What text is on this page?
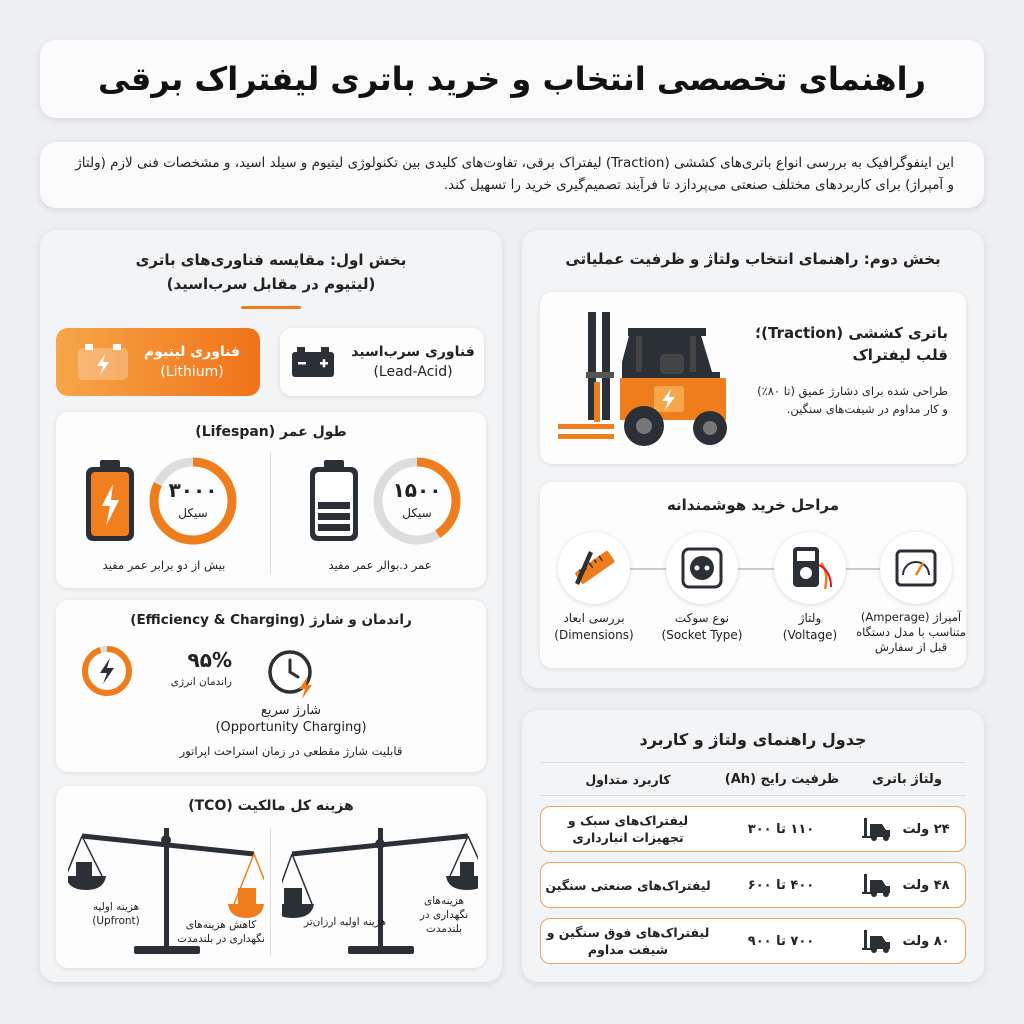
راهنمای تخصصی انتخاب و خرید باتری لیفتراک برقی
این اینفوگرافیک به بررسی انواع باتری‌های کششی (Traction) لیفتراک برقی، تفاوت‌های کلیدی بین تکنولوژی لیتیوم و سیلد اسید، و مشخصات فنی لازم (ولتاژ و آمپراژ) برای کاربردهای مختلف صنعتی می‌پردازد تا فرآیند تصمیم‌گیری خرید را تسهیل کند.
بخش اول: مقایسه فناوری‌های باتری
(لیتیوم در مقابل سرب‌اسید)
فناوری لیتیوم
(Lithium)
فناوری سرب‌اسید
(Lead-Acid)
طول عمر (Lifespan)
۳۰۰۰
سیکل
بیش از دو برابر عمر مفید
۱۵۰۰
سیکل
عمر د.بوالر عمر مفید
راندمان و شارژ (Efficiency & Charging)
۹۵%
راندمان انرژی
شارژ سریع
(Opportunity Charging)
قابلیت شارژ مقطعی در زمان استراحت اپراتور
هزینه کل مالکیت (TCO)
هزینه اولیه
(Upfront)	کاهش هزینه‌های نگهداری در بلندمدت
هزینه اولیه ارزان‌تر
هزینه‌های نگهداری در بلندمدت
بخش دوم: راهنمای انتخاب ولتاژ و ظرفیت عملیاتی
باتری کششی (Traction)؛ قلب لیفتراک
طراحی شده برای دشارژ عمیق (تا ۸۰٪) و کار مداوم در شیفت‌های سنگین.
مراحل خرید هوشمندانه
بررسی ابعاد
(Dimensions)
نوع سوکت
(Socket Type)
ولتاژ
(Voltage)
آمپراژ (Amperage)
متناسب با مدل دستگاه قبل از سفارش
جدول راهنمای ولتاژ و کاربرد
ولتاژ باتری
ظرفیت رایج (Ah)
کاربرد متداول
۲۴ ولت
۱۱۰ تا ۳۰۰
لیفتراک‌های سبک و تجهیزات انبارداری
۴۸ ولت
۴۰۰ تا ۶۰۰
لیفتراک‌های صنعتی سنگین
۸۰ ولت
۷۰۰ تا ۹۰۰
لیفتراک‌های فوق سنگین و شیفت مداوم
